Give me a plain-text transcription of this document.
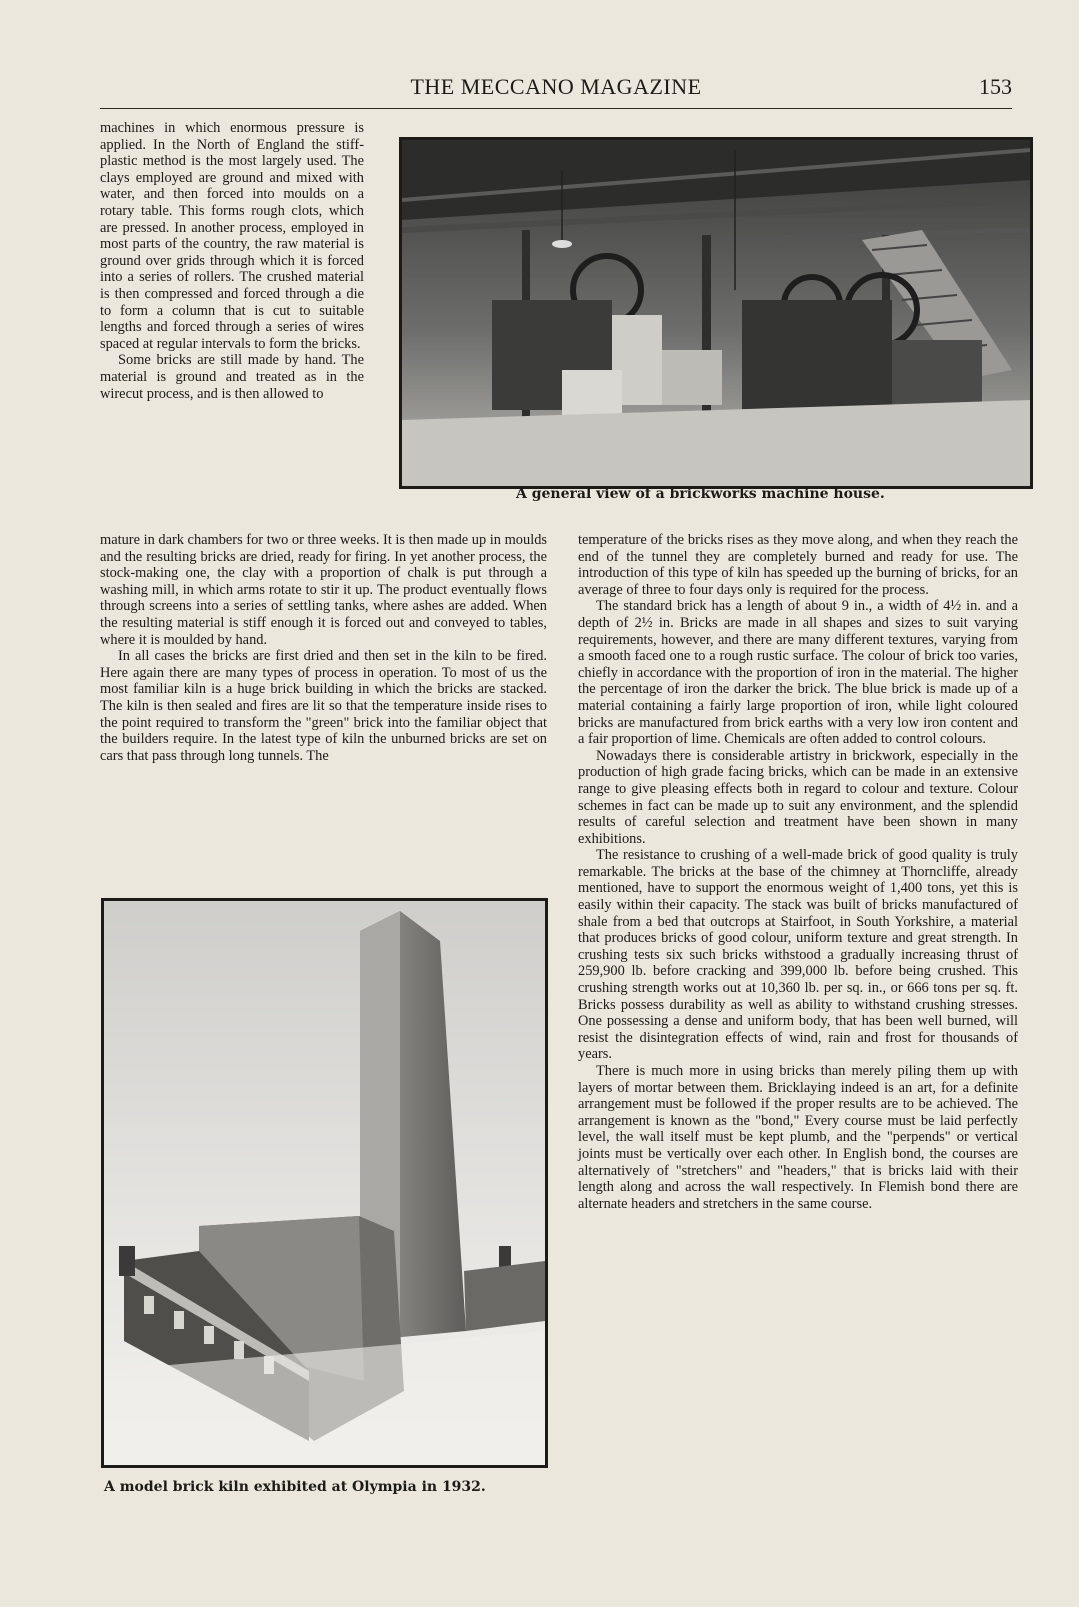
THE MECCANO MAGAZINE	153

machines in which enormous pressure is applied. In the North of England the stiff-plastic method is the most largely used. The clays employed are ground and mixed with water, and then forced into moulds on a rotary table. This forms rough clots, which are pressed. In another process, employed in most parts of the country, the raw material is ground over grids through which it is forced into a series of rollers. The crushed material is then compressed and forced through a die to form a column that is cut to suitable lengths and forced through a series of wires spaced at regular intervals to form the bricks.

Some bricks are still made by hand. The material is ground and treated as in the wirecut process, and is then allowed to

A general view of a brickworks machine house.

mature in dark chambers for two or three weeks. It is then made up in moulds and the resulting bricks are dried, ready for firing. In yet another process, the stock-making one, the clay with a proportion of chalk is put through a washing mill, in which arms rotate to stir it up. The product eventually flows through screens into a series of settling tanks, where ashes are added. When the resulting material is stiff enough it is forced out and conveyed to tables, where it is moulded by hand.

In all cases the bricks are first dried and then set in the kiln to be fired. Here again there are many types of process in operation. To most of us the most familiar kiln is a huge brick building in which the bricks are stacked. The kiln is then sealed and fires are lit so that the temperature inside rises to the point required to transform the "green" brick into the familiar object that the builders require. In the latest type of kiln the unburned bricks are set on cars that pass through long tunnels. The

A model brick kiln exhibited at Olympia in 1932.

temperature of the bricks rises as they move along, and when they reach the end of the tunnel they are completely burned and ready for use. The introduction of this type of kiln has speeded up the burning of bricks, for an average of three to four days only is required for the process.

The standard brick has a length of about 9 in., a width of 4½ in. and a depth of 2½ in. Bricks are made in all shapes and sizes to suit varying requirements, however, and there are many different textures, varying from a smooth faced one to a rough rustic surface. The colour of brick too varies, chiefly in accordance with the proportion of iron in the material. The higher the percentage of iron the darker the brick. The blue brick is made up of a material containing a fairly large proportion of iron, while light coloured bricks are manufactured from brick earths with a very low iron content and a fair proportion of lime. Chemicals are often added to control colours.

Nowadays there is considerable artistry in brickwork, especially in the production of high grade facing bricks, which can be made in an extensive range to give pleasing effects both in regard to colour and texture. Colour schemes in fact can be made up to suit any environment, and the splendid results of careful selection and treatment have been shown in many exhibitions.

The resistance to crushing of a well-made brick of good quality is truly remarkable. The bricks at the base of the chimney at Thorncliffe, already mentioned, have to support the enormous weight of 1,400 tons, yet this is easily within their capacity. The stack was built of bricks manufactured of shale from a bed that outcrops at Stairfoot, in South Yorkshire, a material that produces bricks of good colour, uniform texture and great strength. In crushing tests six such bricks withstood a gradually increasing thrust of 259,900 lb. before cracking and 399,000 lb. before being crushed. This crushing strength works out at 10,360 lb. per sq. in., or 666 tons per sq. ft. Bricks possess durability as well as ability to withstand crushing stresses. One possessing a dense and uniform body, that has been well burned, will resist the disintegration effects of wind, rain and frost for thousands of years.

There is much more in using bricks than merely piling them up with layers of mortar between them. Bricklaying indeed is an art, for a definite arrangement must be followed if the proper results are to be achieved. The arrangement is known as the "bond," Every course must be laid perfectly level, the wall itself must be kept plumb, and the "perpends" or vertical joints must be vertically over each other. In English bond, the courses are alternatively of "stretchers" and "headers," that is bricks laid with their length along and across the wall respectively. In Flemish bond there are alternate headers and stretchers in the same course.
